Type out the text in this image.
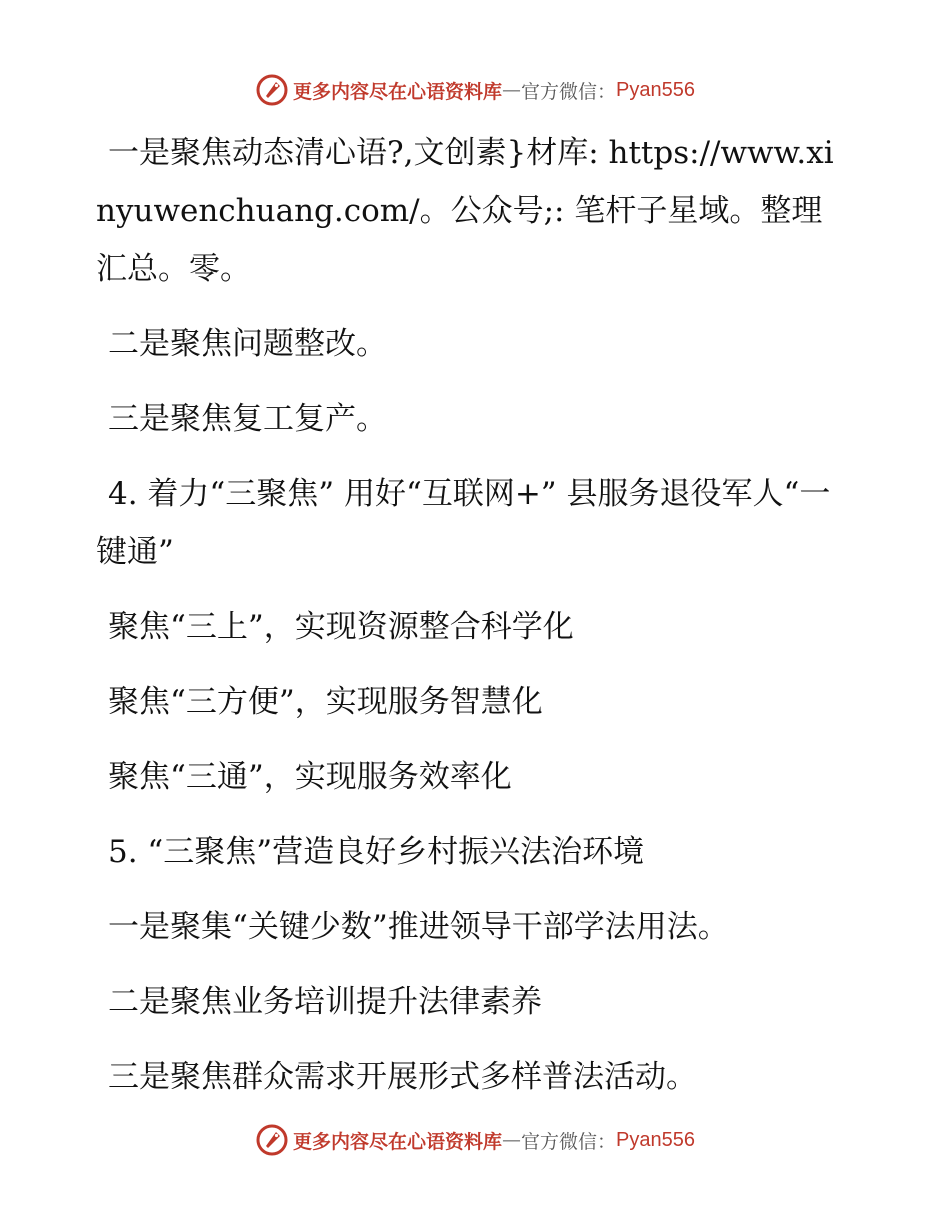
更多内容尽在心语资料库 — 官方微信： Pyan556

一是聚焦动态清心语?,文创素}材库: https://www.xinyuwenchuang.com/。公众号;: 笔杆子星域。整理汇总。零。

二是聚焦问题整改。

三是聚焦复工复产。

4. 着力“三聚焦” 用好“互联网+” 县服务退役军人“一键通”

聚焦“三上”，实现资源整合科学化

聚焦“三方便”，实现服务智慧化

聚焦“三通”，实现服务效率化

5. “三聚焦”营造良好乡村振兴法治环境

一是聚集“关键少数”推进领导干部学法用法。

二是聚焦业务培训提升法律素养

三是聚焦群众需求开展形式多样普法活动。

更多内容尽在心语资料库 — 官方微信： Pyan556
